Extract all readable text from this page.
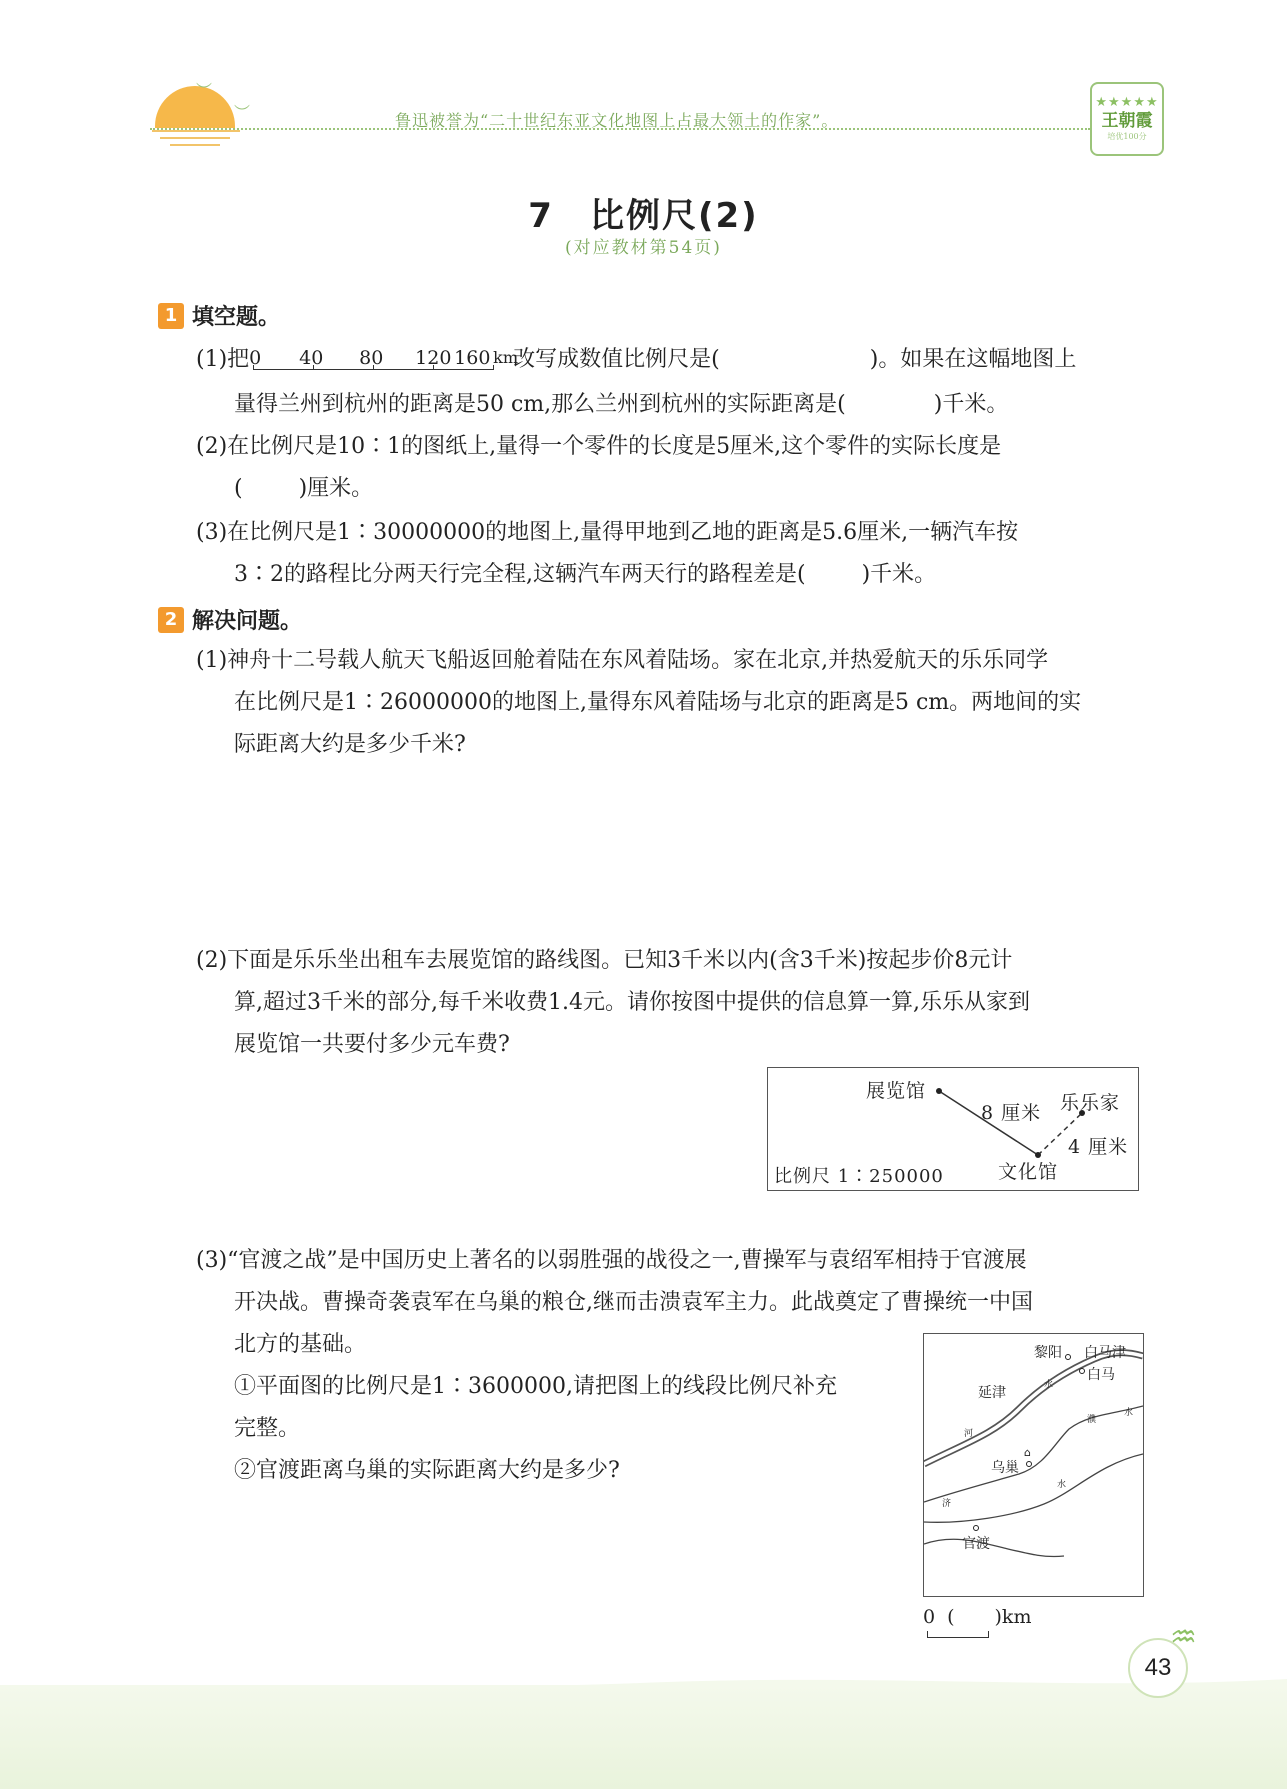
︶
︶	鲁迅被誉为“二十世纪东亚文化地图上占最大领土的作家”。
★★★★★
王朝霞
培优100分
7　比例尺(2)
(对应教材第54页)
1 填空题。
(1)把 0 40 80 120 160 km
改写成数值比例尺是(	)。如果在这幅地图上
量得兰州到杭州的距离是50 cm,那么兰州到杭州的实际距离是(	)千米。
(2)在比例尺是10∶1的图纸上,量得一个零件的长度是5厘米,这个零件的实际长度是
(	)厘米。
(3)在比例尺是1∶30000000的地图上,量得甲地到乙地的距离是5.6厘米,一辆汽车按
3∶2的路程比分两天行完全程,这辆汽车两天行的路程差是(	)千米。
2 解决问题。
(1)神舟十二号载人航天飞船返回舱着陆在东风着陆场。家在北京,并热爱航天的乐乐同学
在比例尺是1∶26000000的地图上,量得东风着陆场与北京的距离是5 cm。两地间的实
际距离大约是多少千米?
(2)下面是乐乐坐出租车去展览馆的路线图。已知3千米以内(含3千米)按起步价8元计
算,超过3千米的部分,每千米收费1.4元。请你按图中提供的信息算一算,乐乐从家到
展览馆一共要付多少元车费?
展览馆
8 厘米 乐乐家
4 厘米
文化馆
比例尺 1∶250000
(3)“官渡之战”是中国历史上著名的以弱胜强的战役之一,曹操军与袁绍军相持于官渡展
开决战。曹操奇袭袁军在乌巢的粮仓,继而击溃袁军主力。此战奠定了曹操统一中国
北方的基础。
①平面图的比例尺是1∶3600000,请把图上的线段比例尺补充
完整。
②官渡距离乌巢的实际距离大约是多少?
黎阳 白马津
白马
延津
乌巢
⌂
官渡
河
水
济
水
濮
水
0 ( )km
43
♒
